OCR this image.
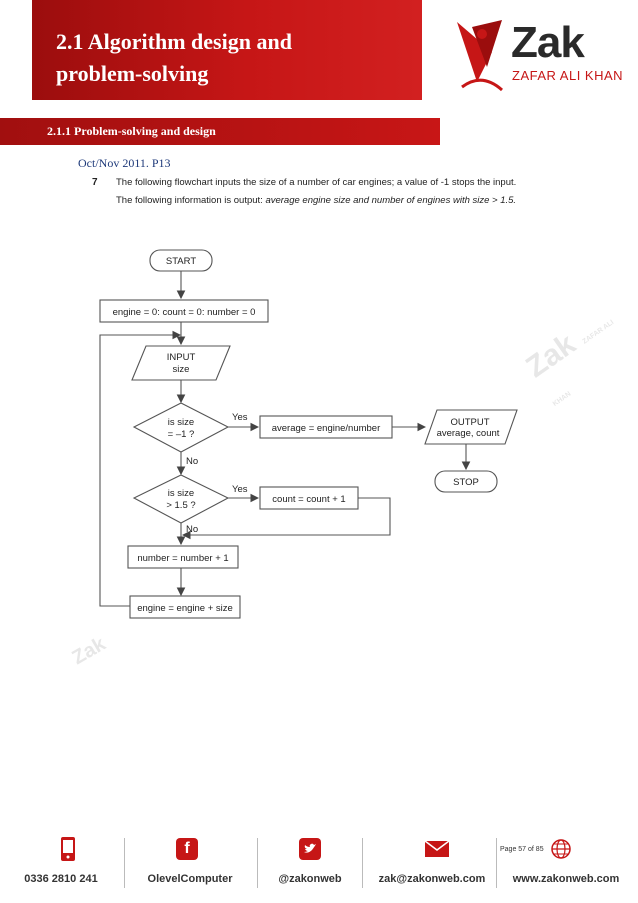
2.1 Algorithm design and
problem-solving
2.1.1 Problem-solving and design
Zak
ZAFAR ALI KHAN
Oct/Nov 2011. P13
7 The following flowchart inputs the size of a number of car engines; a value of -1 stops the input.

The following information is output: average engine size and number of engines with size > 1.5.

START
engine = 0: count = 0: number = 0
INPUT
size
is size
= –1 ?
Yes
No
average = engine/number
OUTPUT
average, count
STOP
is size
> 1.5 ?
Yes
No
count = count + 1
number = number + 1
engine = engine + size
Zak ZAFAR ALI KHAN
Zak
Page 57 of 85
f
0336 2810 241	OlevelComputer	@zakonweb	zak@zakonweb.com	www.zakonweb.com
